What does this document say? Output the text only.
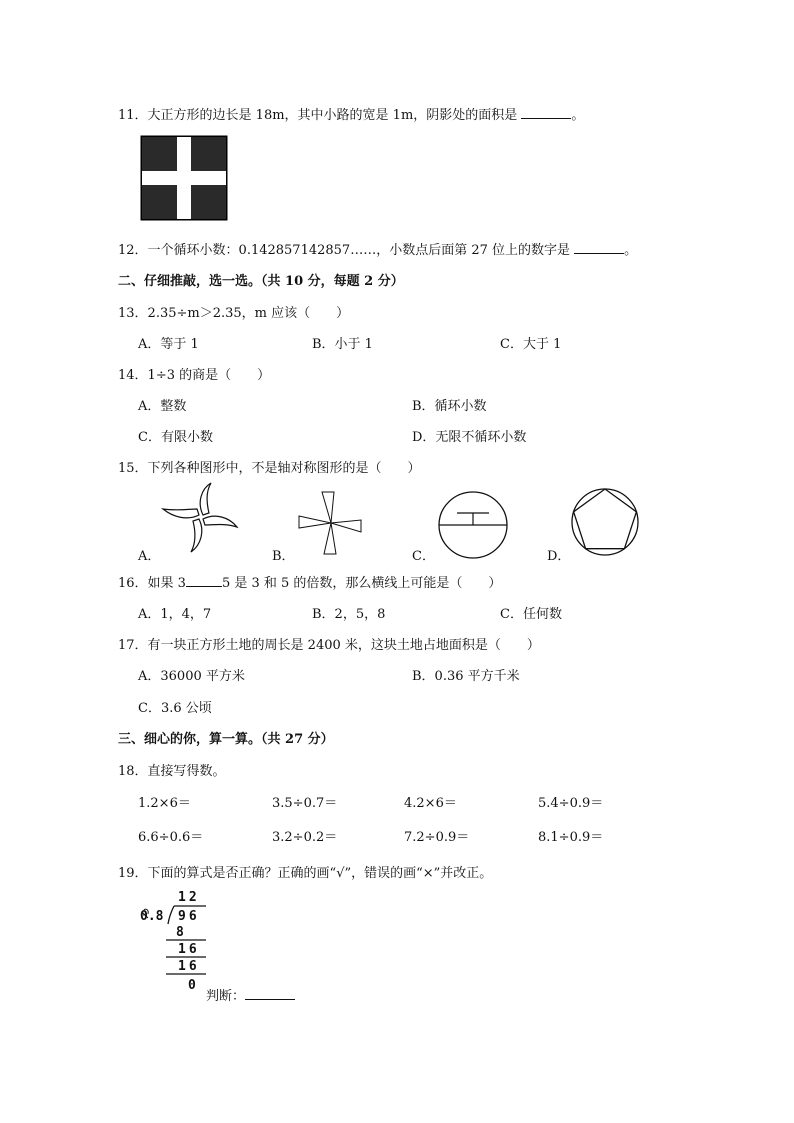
11．大正方形的边长是 18m，其中小路的宽是 1m，阴影处的面积是	。
12．一个循环小数：0.142857142857……，小数点后面第 27 位上的数字是	。
二、仔细推敲，选一选。（共 10 分，每题 2 分）
13．2.35÷m＞2.35，m 应该（　　）
A．等于 1	B．小于 1	C．大于 1
14．1÷3 的商是（　　）
A．整数	B．循环小数
C．有限小数	D．无限不循环小数
15．下列各种图形中，不是轴对称图形的是（　　）
A．	B．	C．	D．
16．如果 3	5 是 3 和 5 的倍数，那么横线上可能是（　　）
A．1，4，7	B．2，5，8	C．任何数
17．有一块正方形土地的周长是 2400 米，这块土地占地面积是（　　）
A．36000 平方米	B．0.36 平方千米
C．3.6 公顷
三、细心的你，算一算。（共 27 分）
18．直接写得数。
1.2×6＝	3.5÷0.7＝	4.2×6＝	5.4÷0.9＝
6.6÷0.6＝	3.2÷0.2＝	7.2÷0.9＝	8.1÷0.9＝
19．下面的算式是否正确？正确的画“√”，错误的画“×”并改正。
12
0.8 96
8
16
16
0
判断：
